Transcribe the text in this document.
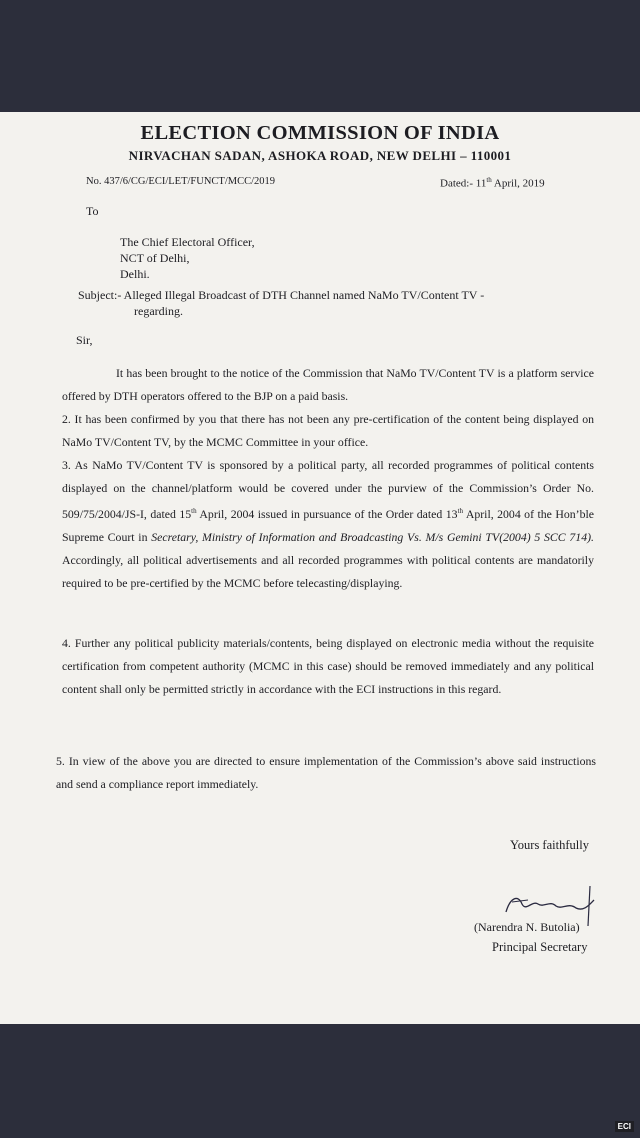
ELECTION COMMISSION OF INDIA
NIRVACHAN SADAN, ASHOKA ROAD, NEW DELHI – 110001
No. 437/6/CG/ECI/LET/FUNCT/MCC/2019	Dated:- 11th April, 2019
To
The Chief Electoral Officer,
NCT of Delhi,
Delhi.
Subject:- Alleged Illegal Broadcast of DTH Channel named NaMo TV/Content TV -
regarding.
Sir,
It has been brought to the notice of the Commission that NaMo TV/Content TV is a platform service offered by DTH operators offered to the BJP on a paid basis.
2. It has been confirmed by you that there has not been any pre-certification of the content being displayed on NaMo TV/Content TV, by the MCMC Committee in your office.
3. As NaMo TV/Content TV is sponsored by a political party, all recorded programmes of political contents displayed on the channel/platform would be covered under the purview of the Commission’s Order No. 509/75/2004/JS-I, dated 15th April, 2004 issued in pursuance of the Order dated 13th April, 2004 of the Hon’ble Supreme Court in Secretary, Ministry of Information and Broadcasting Vs. M/s Gemini TV(2004) 5 SCC 714). Accordingly, all political advertisements and all recorded programmes with political contents are mandatorily required to be pre-certified by the MCMC before telecasting/displaying.
4. Further any political publicity materials/contents, being displayed on electronic media without the requisite certification from competent authority (MCMC in this case) should be removed immediately and any political content shall only be permitted strictly in accordance with the ECI instructions in this regard.
5. In view of the above you are directed to ensure implementation of the Commission’s above said instructions and send a compliance report immediately.
Yours faithfully
(Narendra N. Butolia)
Principal Secretary
ECI
